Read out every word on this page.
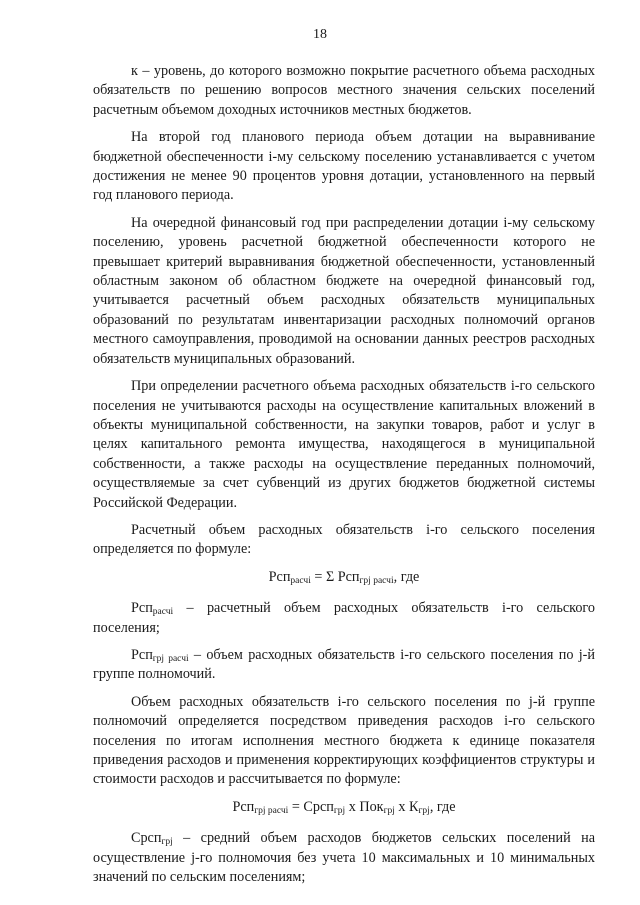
18

к – уровень, до которого возможно покрытие расчетного объема расходных обязательств по решению вопросов местного значения сельских поселений расчетным объемом доходных источников местных бюджетов.

На второй год планового периода объем дотации на выравнивание бюджетной обеспеченности i-му сельскому поселению устанавливается с учетом достижения не менее 90 процентов уровня дотации, установленного на первый год планового периода.

На очередной финансовый год при распределении дотации i-му сельскому поселению, уровень расчетной бюджетной обеспеченности которого не превышает критерий выравнивания бюджетной обеспеченности, установленный областным законом об областном бюджете на очередной финансовый год, учитывается расчетный объем расходных обязательств муниципальных образований по результатам инвентаризации расходных полномочий органов местного самоуправления, проводимой на основании данных реестров расходных обязательств муниципальных образований.

При определении расчетного объема расходных обязательств i-го сельского поселения не учитываются расходы на осуществление капитальных вложений в объекты муниципальной собственности, на закупки товаров, работ и услуг в целях капитального ремонта имущества, находящегося в муниципальной собственности, а также расходы на осуществление переданных полномочий, осуществляемые за счет субвенций из других бюджетов бюджетной системы Российской Федерации.

Расчетный объем расходных обязательств i-го сельского поселения определяется по формуле:

Рсп$_{расчi}$ = Σ Рсп$_{грj расчi}$, где

Рсп$_{расчi}$ – расчетный объем расходных обязательств i-го сельского поселения;

Рсп$_{грj расчi}$ – объем расходных обязательств i-го сельского поселения по j-й группе полномочий.

Объем расходных обязательств i-го сельского поселения по j-й группе полномочий определяется посредством приведения расходов i-го сельского поселения по итогам исполнения местного бюджета к единице показателя приведения расходов и применения корректирующих коэффициентов структуры и стоимости расходов и рассчитывается по формуле:

Рсп$_{грj расчi}$ = Срсп$_{грj}$ х Пок$_{грj}$ х $К_{грj}$, где

Срсп$_{грj}$ – средний объем расходов бюджетов сельских поселений на осуществление j-го полномочия без учета 10 максимальных и 10 минимальных значений по сельским поселениям;
